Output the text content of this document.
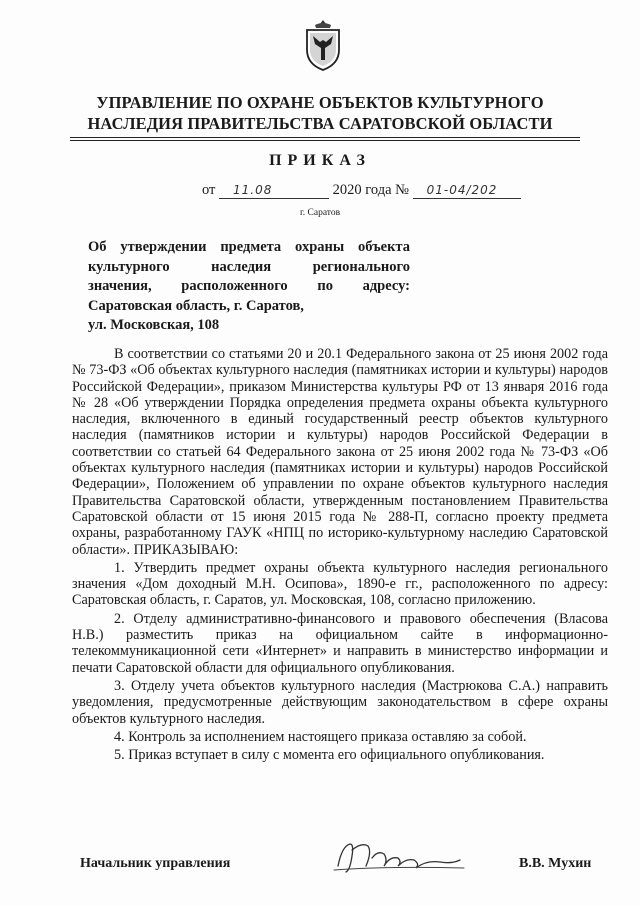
УПРАВЛЕНИЕ ПО ОХРАНЕ ОБЪЕКТОВ КУЛЬТУРНОГО НАСЛЕДИЯ ПРАВИТЕЛЬСТВА САРАТОВСКОЙ ОБЛАСТИ
ПРИКАЗ
от 11.08	2020 года № 01-04/202
г. Саратов
Об утверждении предмета охраны объекта
культурного наследия регионального
значения, расположенного по адресу:
Саратовская область, г. Саратов,
ул. Московская, 108

В соответствии со статьями 20 и 20.1 Федерального закона от 25 июня 2002 года № 73-ФЗ «Об объектах культурного наследия (памятниках истории и культуры) народов Российской Федерации», приказом Министерства культуры РФ от 13 января 2016 года № 28 «Об утверждении Порядка определения предмета охраны объекта культурного наследия, включенного в единый государственный реестр объектов культурного наследия (памятников истории и культуры) народов Российской Федерации в соответствии со статьей 64 Федерального закона от 25 июня 2002 года № 73-ФЗ «Об объектах культурного наследия (памятниках истории и культуры) народов Российской Федерации», Положением об управлении по охране объектов культурного наследия Правительства Саратовской области, утвержденным постановлением Правительства Саратовской области от 15 июня 2015 года № 288-П, согласно проекту предмета охраны, разработанному ГАУК «НПЦ по историко-культурному наследию Саратовской области». ПРИКАЗЫВАЮ:

1. Утвердить предмет охраны объекта культурного наследия регионального значения «Дом доходный М.Н. Осипова», 1890-е гг., расположенного по адресу: Саратовская область, г. Саратов, ул. Московская, 108, согласно приложению.

2. Отделу административно-финансового и правового обеспечения (Власова Н.В.) разместить приказ на официальном сайте в информационно-телекоммуникационной сети «Интернет» и направить в министерство информации и печати Саратовской области для официального опубликования.

3. Отделу учета объектов культурного наследия (Мастрюкова С.А.) направить уведомления, предусмотренные действующим законодательством в сфере охраны объектов культурного наследия.

4. Контроль за исполнением настоящего приказа оставляю за собой.

5. Приказ вступает в силу с момента его официального опубликования.

Начальник управления	В.В. Мухин
